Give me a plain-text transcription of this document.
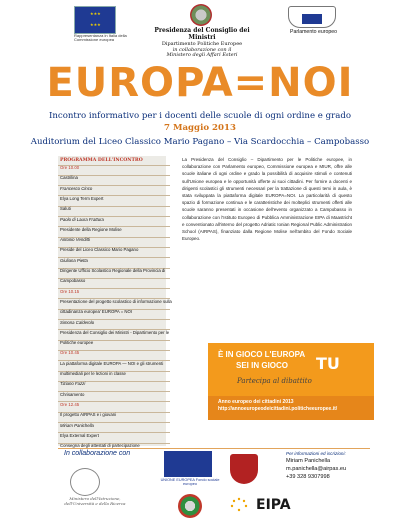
★★★
★★★
Rappresentanza in Italia della Commissione europea
Presidenza del Consiglio dei Ministri
Dipartimento Politiche Europee
in collaborazione con il
Ministero degli Affari Esteri
Parlamento europeo
EUROPA=NOI
Incontro informativo per i docenti delle scuole di ogni ordine e grado
7 Maggio 2013
Auditorium del Liceo Classico Mario Pagano – Via Scardocchia – Campobasso
PROGRAMMA DELL'INCONTRO
Ore 10.00
Castrilina
Francesco Cinco
Elya Long Term Expert
Saluti
Paolo di Laura Frattura
Presidente della Regione Molise
Antonio Venditti
Preside del Liceo Classico Mario Pagano
Giuliana Pietta
Dirigente Ufficio Scolastico Regionale della Provincia di
Campobasso
Ore 10.15
Presentazione del progetto scolastico di informazione sulla
cittadinanza europea' EUROPA = NOI
Simona Calderolo
Presidenza del Consiglio dei Ministri - Dipartimento per le
Politiche europee
Ore 10.45
La piattaforma digitale EUROPA — NOI e gli strumenti
multimediali per le lezioni in classe
Tiziano Fazzi
Chrisamento
Ore 12.45
Il progetto AIRPAS e i giovani
Miriam Panichella
Elya External Expert
Consegna degli attestati di partecipazione
La Presidenza del Consiglio – Dipartimento per le Politiche europee, in collaborazione con Parlamento europeo, Commissione europea e MIUR, offre alle scuole italiane di ogni ordine e grado la possibilità di acquisire stimoli e contenuti sull'Unione europea e le opportunità offerte ai suoi cittadini. Per fornire a docenti e dirigenti scolastici gli strumenti necessari per la trattazione di questi temi in aula, è stata sviluppata la piattaforma digitale EUROPA=NOI. La particolarità di questo spazio di formazione continua e le caratteristiche dei molteplici strumenti offerti alle scuole saranno presentati in occasione dell'evento organizzato a Campobasso in collaborazione con l'Istituto Europeo di Pubblica Amministrazione EIPA di Maastricht e conventionato all'interno del progetto Adriatic Ionian Regional Public Administration School (AIRPAS), finanziato dalla Regione Molise nell'ambito del Fondo Sociale Europeo.
È IN GIOCO L'EUROPA
SEI IN GIOCO TU
Partecipa al dibattito
Anno europeo dei cittadini 2013
http://annoeuropeodeicittadini.politicheeuropee.it/
In collaborazione con
Ministero dell'Istruzione, dell'Università e della Ricerca
UNIONE EUROPEA Fondo sociale europeo
EIPA
Per informazioni ed iscrizioni:
Miriam Panichella
m.panichella@airpas.eu
+39 328 9307998
